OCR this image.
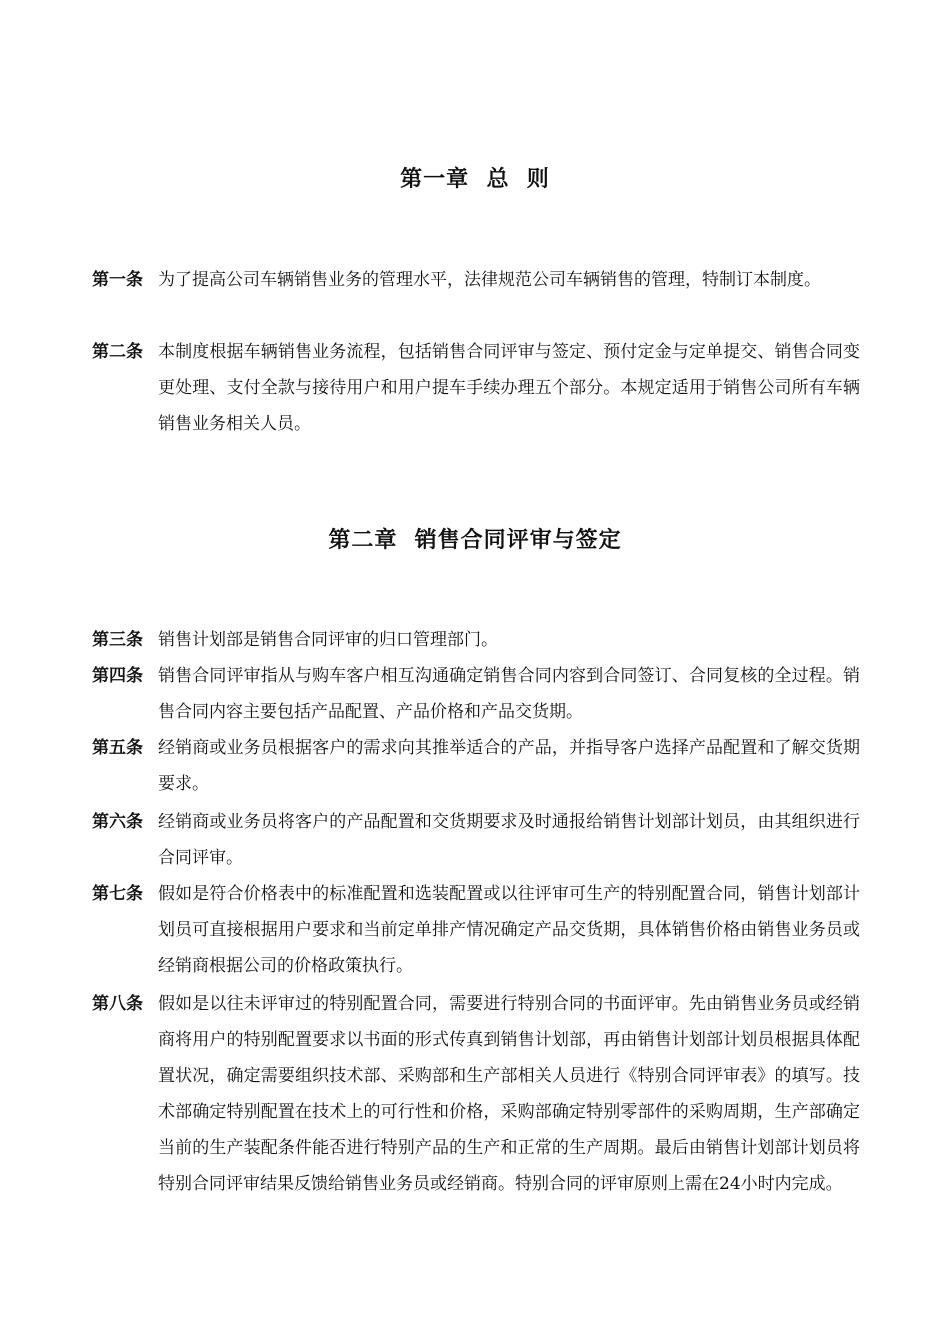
第一章  总  则
第一条 为了提高公司车辆销售业务的管理水平，法律规范公司车辆销售的管理，特制订本制度。
第二条 本制度根据车辆销售业务流程，包括销售合同评审与签定、预付定金与定单提交、销售合同变更处理、支付全款与接待用户和用户提车手续办理五个部分。本规定适用于销售公司所有车辆销售业务相关人员。
第二章  销售合同评审与签定
第三条 销售计划部是销售合同评审的归口管理部门。
第四条 销售合同评审指从与购车客户相互沟通确定销售合同内容到合同签订、合同复核的全过程。销售合同内容主要包括产品配置、产品价格和产品交货期。
第五条 经销商或业务员根据客户的需求向其推举适合的产品，并指导客户选择产品配置和了解交货期要求。
第六条 经销商或业务员将客户的产品配置和交货期要求及时通报给销售计划部计划员，由其组织进行合同评审。
第七条 假如是符合价格表中的标准配置和选装配置或以往评审可生产的特别配置合同，销售计划部计划员可直接根据用户要求和当前定单排产情况确定产品交货期，具体销售价格由销售业务员或经销商根据公司的价格政策执行。
第八条 假如是以往未评审过的特别配置合同，需要进行特别合同的书面评审。先由销售业务员或经销商将用户的特别配置要求以书面的形式传真到销售计划部，再由销售计划部计划员根据具体配置状况，确定需要组织技术部、采购部和生产部相关人员进行《特别合同评审表》的填写。技术部确定特别配置在技术上的可行性和价格，采购部确定特别零部件的采购周期，生产部确定当前的生产装配条件能否进行特别产品的生产和正常的生产周期。最后由销售计划部计划员将特别合同评审结果反馈给销售业务员或经销商。特别合同的评审原则上需在24小时内完成。
